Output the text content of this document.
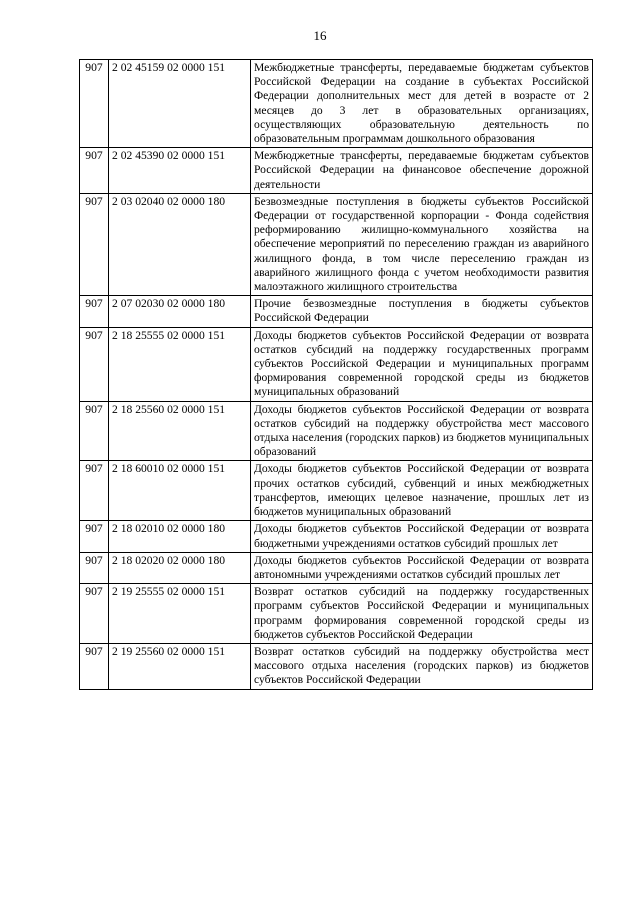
16
907	2 02 45159 02 0000 151	Межбюджетные трансферты, передаваемые бюджетам субъектов Российской Федерации на создание в субъектах Российской Федерации дополнительных мест для детей в возрасте от 2 месяцев до 3 лет в образовательных организациях, осуществляющих образовательную деятельность по образовательным программам дошкольного образования
907	2 02 45390 02 0000 151	Межбюджетные трансферты, передаваемые бюджетам субъектов Российской Федерации на финансовое обеспечение дорожной деятельности
907	2 03 02040 02 0000 180	Безвозмездные поступления в бюджеты субъектов Российской Федерации от государственной корпорации - Фонда содействия реформированию жилищно-коммунального хозяйства на обеспечение мероприятий по переселению граждан из аварийного жилищного фонда, в том числе переселению граждан из аварийного жилищного фонда с учетом необходимости развития малоэтажного жилищного строительства
907	2 07 02030 02 0000 180	Прочие безвозмездные поступления в бюджеты субъектов Российской Федерации
907	2 18 25555 02 0000 151	Доходы бюджетов субъектов Российской Федерации от возврата остатков субсидий на поддержку государственных программ субъектов Российской Федерации и муниципальных программ формирования современной городской среды из бюджетов муниципальных образований
907	2 18 25560 02 0000 151	Доходы бюджетов субъектов Российской Федерации от возврата остатков субсидий на поддержку обустройства мест массового отдыха населения (городских парков) из бюджетов муниципальных образований
907	2 18 60010 02 0000 151	Доходы бюджетов субъектов Российской Федерации от возврата прочих остатков субсидий, субвенций и иных межбюджетных трансфертов, имеющих целевое назначение, прошлых лет из бюджетов муниципальных образований
907	2 18 02010 02 0000 180	Доходы бюджетов субъектов Российской Федерации от возврата бюджетными учреждениями остатков субсидий прошлых лет
907	2 18 02020 02 0000 180	Доходы бюджетов субъектов Российской Федерации от возврата автономными учреждениями остатков субсидий прошлых лет
907	2 19 25555 02 0000 151	Возврат остатков субсидий на поддержку государственных программ субъектов Российской Федерации и муниципальных программ формирования современной городской среды из бюджетов субъектов Российской Федерации
907	2 19 25560 02 0000 151	Возврат остатков субсидий на поддержку обустройства мест массового отдыха населения (городских парков) из бюджетов субъектов Российской Федерации
